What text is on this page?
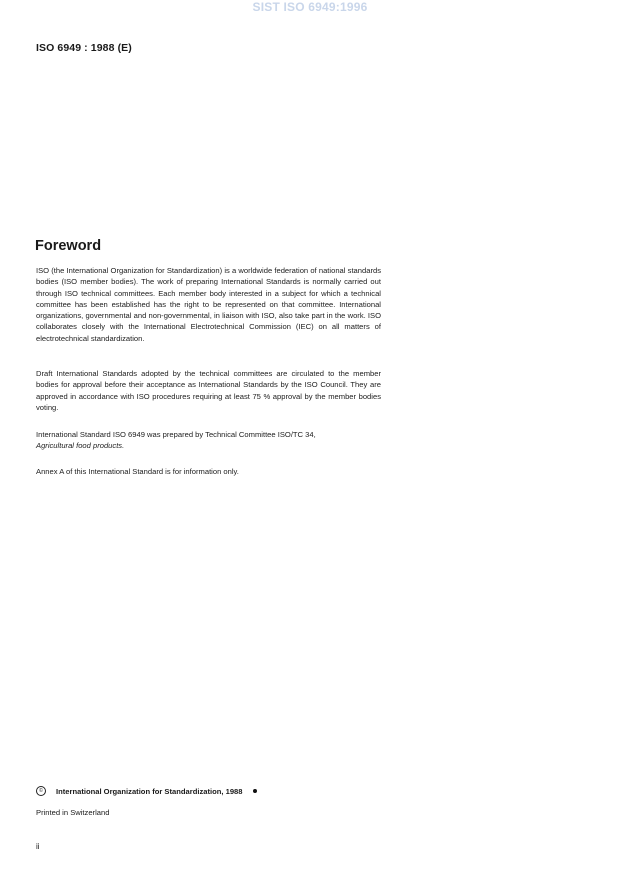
SIST ISO 6949:1996
ISO 6949 : 1988 (E)
Foreword
ISO (the International Organization for Standardization) is a worldwide federation of national standards bodies (ISO member bodies). The work of preparing International Standards is normally carried out through ISO technical committees. Each member body interested in a subject for which a technical committee has been established has the right to be represented on that committee. International organizations, governmental and non-governmental, in liaison with ISO, also take part in the work. ISO collaborates closely with the International Electrotechnical Commission (IEC) on all matters of electrotechnical standardization.
Draft International Standards adopted by the technical committees are circulated to the member bodies for approval before their acceptance as International Standards by the ISO Council. They are approved in accordance with ISO procedures requiring at least 75 % approval by the member bodies voting.
International Standard ISO 6949 was prepared by Technical Committee ISO/TC 34,
Agricultural food products.
Annex A of this International Standard is for information only.
©	International Organization for Standardization, 1988
Printed in Switzerland
ii
